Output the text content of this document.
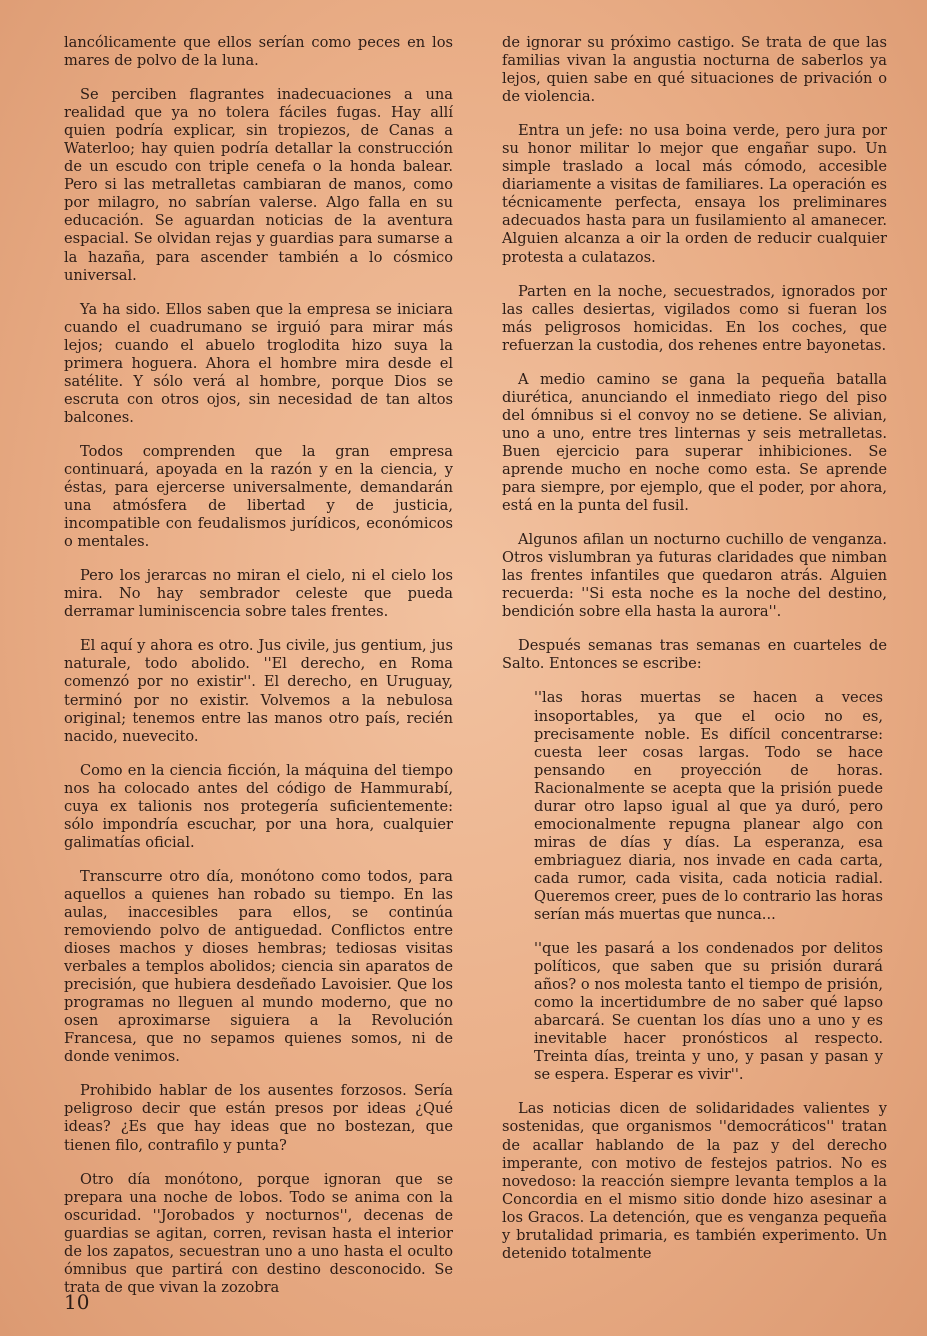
lancólicamente que ellos serían como peces en los mares de polvo de la luna.

Se perciben flagrantes inadecuaciones a una realidad que ya no tolera fáciles fugas. Hay allí quien podría explicar, sin tropiezos, de Canas a Waterloo; hay quien podría detallar la construcción de un escudo con triple cenefa o la honda balear. Pero si las metralletas cambiaran de manos, como por milagro, no sabrían valerse. Algo falla en su educación. Se aguardan noticias de la aventura espacial. Se olvidan rejas y guardias para sumarse a la hazaña, para ascender también a lo cósmico universal.

Ya ha sido. Ellos saben que la empresa se iniciara cuando el cuadrumano se irguió para mirar más lejos; cuando el abuelo troglodita hizo suya la primera hoguera. Ahora el hombre mira desde el satélite. Y sólo verá al hombre, porque Dios se escruta con otros ojos, sin necesidad de tan altos balcones.

Todos comprenden que la gran empresa continuará, apoyada en la razón y en la ciencia, y éstas, para ejercerse universalmente, demandarán una atmósfera de libertad y de justicia, incompatible con feudalismos jurídicos, económicos o mentales.

Pero los jerarcas no miran el cielo, ni el cielo los mira. No hay sembrador celeste que pueda derramar luminiscencia sobre tales frentes.

El aquí y ahora es otro. Jus civile, jus gentium, jus naturale, todo abolido. ''El derecho, en Roma comenzó por no existir''. El derecho, en Uruguay, terminó por no existir. Volvemos a la nebulosa original; tenemos entre las manos otro país, recién nacido, nuevecito.

Como en la ciencia ficción, la máquina del tiempo nos ha colocado antes del código de Hammurabí, cuya ex talionis nos protegería suficientemente: sólo impondría escuchar, por una hora, cualquier galimatías oficial.

Transcurre otro día, monótono como todos, para aquellos a quienes han robado su tiempo. En las aulas, inaccesibles para ellos, se continúa removiendo polvo de antiguedad. Conflictos entre dioses machos y dioses hembras; tediosas visitas verbales a templos abolidos; ciencia sin aparatos de precisión, que hubiera desdeñado Lavoisier. Que los programas no lleguen al mundo moderno, que no osen aproximarse siguiera a la Revolución Francesa, que no sepamos quienes somos, ni de donde venimos.

Prohibido hablar de los ausentes forzosos. Sería peligroso decir que están presos por ideas ¿Qué ideas? ¿Es que hay ideas que no bostezan, que tienen filo, contrafilo y punta?

Otro día monótono, porque ignoran que se prepara una noche de lobos. Todo se anima con la oscuridad. ''Jorobados y nocturnos'', decenas de guardias se agitan, corren, revisan hasta el interior de los zapatos, secuestran uno a uno hasta el oculto ómnibus que partirá con destino desconocido. Se trata de que vivan la zozobra

de ignorar su próximo castigo. Se trata de que las familias vivan la angustia nocturna de saberlos ya lejos, quien sabe en qué situaciones de privación o de violencia.

Entra un jefe: no usa boina verde, pero jura por su honor militar lo mejor que engañar supo. Un simple traslado a local más cómodo, accesible diariamente a visitas de familiares. La operación es técnicamente perfecta, ensaya los preliminares adecuados hasta para un fusilamiento al amanecer. Alguien alcanza a oir la orden de reducir cualquier protesta a culatazos.

Parten en la noche, secuestrados, ignorados por las calles desiertas, vigilados como si fueran los más peligrosos homicidas. En los coches, que refuerzan la custodia, dos rehenes entre bayonetas.

A medio camino se gana la pequeña batalla diurética, anunciando el inmediato riego del piso del ómnibus si el convoy no se detiene. Se alivian, uno a uno, entre tres linternas y seis metralletas. Buen ejercicio para superar inhibiciones. Se aprende mucho en noche como esta. Se aprende para siempre, por ejemplo, que el poder, por ahora, está en la punta del fusil.

Algunos afilan un nocturno cuchillo de venganza. Otros vislumbran ya futuras claridades que nimban las frentes infantiles que quedaron atrás. Alguien recuerda: ''Si esta noche es la noche del destino, bendición sobre ella hasta la aurora''.

Después semanas tras semanas en cuarteles de Salto. Entonces se escribe:

''las horas muertas se hacen a veces insoportables, ya que el ocio no es, precisamente noble. Es difícil concentrarse: cuesta leer cosas largas. Todo se hace pensando en proyección de horas. Racionalmente se acepta que la prisión puede durar otro lapso igual al que ya duró, pero emocionalmente repugna planear algo con miras de días y días. La esperanza, esa embriaguez diaria, nos invade en cada carta, cada rumor, cada visita, cada noticia radial. Queremos creer, pues de lo contrario las horas serían más muertas que nunca...

''que les pasará a los condenados por delitos políticos, que saben que su prisión durará años? o nos molesta tanto el tiempo de prisión, como la incertidumbre de no saber qué lapso abarcará. Se cuentan los días uno a uno y es inevitable hacer pronósticos al respecto. Treinta días, treinta y uno, y pasan y pasan y se espera. Esperar es vivir''.

Las noticias dicen de solidaridades valientes y sostenidas, que organismos ''democráticos'' tratan de acallar hablando de la paz y del derecho imperante, con motivo de festejos patrios. No es novedoso: la reacción siempre levanta templos a la Concordia en el mismo sitio donde hizo asesinar a los Gracos. La detención, que es venganza pequeña y brutalidad primaria, es también experimento. Un detenido totalmente

10
